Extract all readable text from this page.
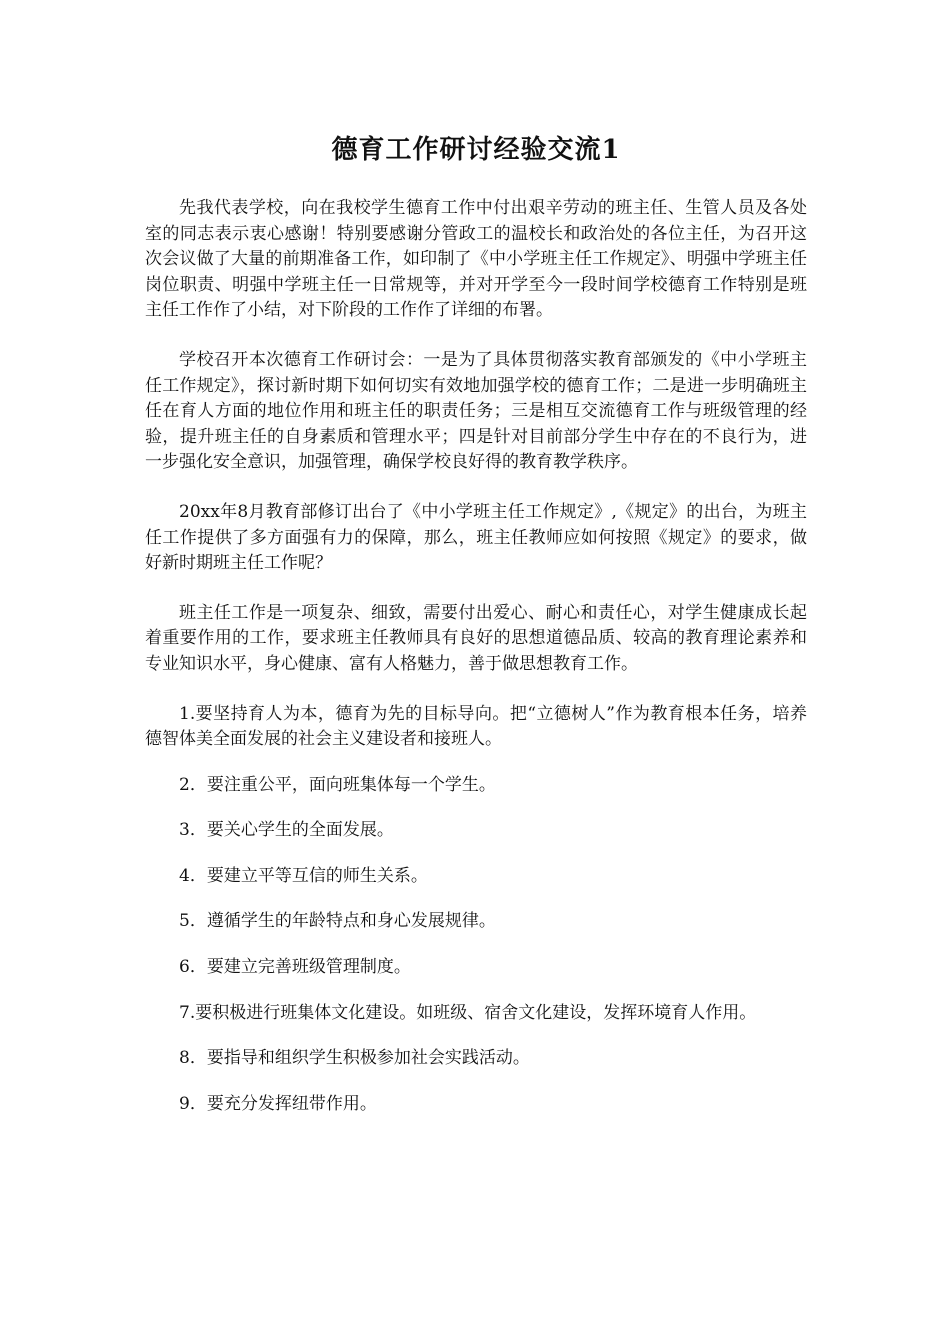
德育工作研讨经验交流1

先我代表学校，向在我校学生德育工作中付出艰辛劳动的班主任、生管人员及各处室的同志表示衷心感谢！特别要感谢分管政工的温校长和政治处的各位主任，为召开这次会议做了大量的前期准备工作，如印制了《中小学班主任工作规定》、明强中学班主任岗位职责、明强中学班主任一日常规等，并对开学至今一段时间学校德育工作特别是班主任工作作了小结，对下阶段的工作作了详细的布署。

学校召开本次德育工作研讨会：一是为了具体贯彻落实教育部颁发的《中小学班主任工作规定》，探讨新时期下如何切实有效地加强学校的德育工作；二是进一步明确班主任在育人方面的地位作用和班主任的职责任务；三是相互交流德育工作与班级管理的经验，提升班主任的自身素质和管理水平；四是针对目前部分学生中存在的不良行为，进一步强化安全意识，加强管理，确保学校良好得的教育教学秩序。

20xx年8月教育部修订出台了《中小学班主任工作规定》,《规定》的出台，为班主任工作提供了多方面强有力的保障，那么，班主任教师应如何按照《规定》的要求，做好新时期班主任工作呢？

班主任工作是一项复杂、细致，需要付出爱心、耐心和责任心，对学生健康成长起着重要作用的工作，要求班主任教师具有良好的思想道德品质、较高的教育理论素养和专业知识水平，身心健康、富有人格魅力，善于做思想教育工作。

1.要坚持育人为本，德育为先的目标导向。把“立德树人”作为教育根本任务，培养德智体美全面发展的社会主义建设者和接班人。

2．要注重公平，面向班集体每一个学生。

3．要关心学生的全面发展。

4．要建立平等互信的师生关系。

5．遵循学生的年龄特点和身心发展规律。

6．要建立完善班级管理制度。

7.要积极进行班集体文化建设。如班级、宿舍文化建设，发挥环境育人作用。

8．要指导和组织学生积极参加社会实践活动。

9．要充分发挥纽带作用。
